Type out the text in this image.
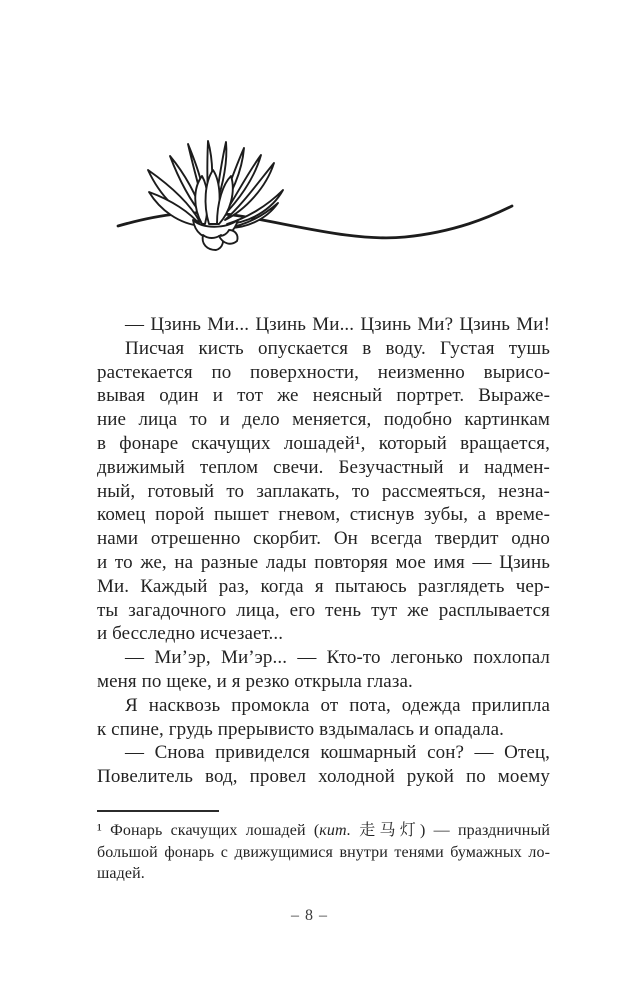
— Цзинь Ми... Цзинь Ми... Цзинь Ми? Цзинь Ми!
Писчая кисть опускается в воду. Густая тушь
растекается по поверхности, неизменно вырисо-
вывая один и тот же неясный портрет. Выраже-
ние лица то и дело меняется, подобно картинкам
в фонаре скачущих лошадей¹, который вращается,
движимый теплом свечи. Безучастный и надмен-
ный, готовый то заплакать, то рассмеяться, незна-
комец порой пышет гневом, стиснув зубы, а време-
нами отрешенно скорбит. Он всегда твердит одно
и то же, на разные лады повторяя мое имя — Цзинь
Ми. Каждый раз, когда я пытаюсь разглядеть чер-
ты загадочного лица, его тень тут же расплывается
и бесследно исчезает...
— Ми’эр, Ми’эр... — Кто-то легонько похлопал
меня по щеке, и я резко открыла глаза.
Я насквозь промокла от пота, одежда прилипла
к спине, грудь прерывисто вздымалась и опадала.
— Снова привиделся кошмарный сон? — Отец,
Повелитель вод, провел холодной рукой по моему
¹ Фонарь скачущих лошадей (кит. 走马灯) — праздничный
большой фонарь с движущимися внутри тенями бумажных ло-
шадей.
– 8 –
